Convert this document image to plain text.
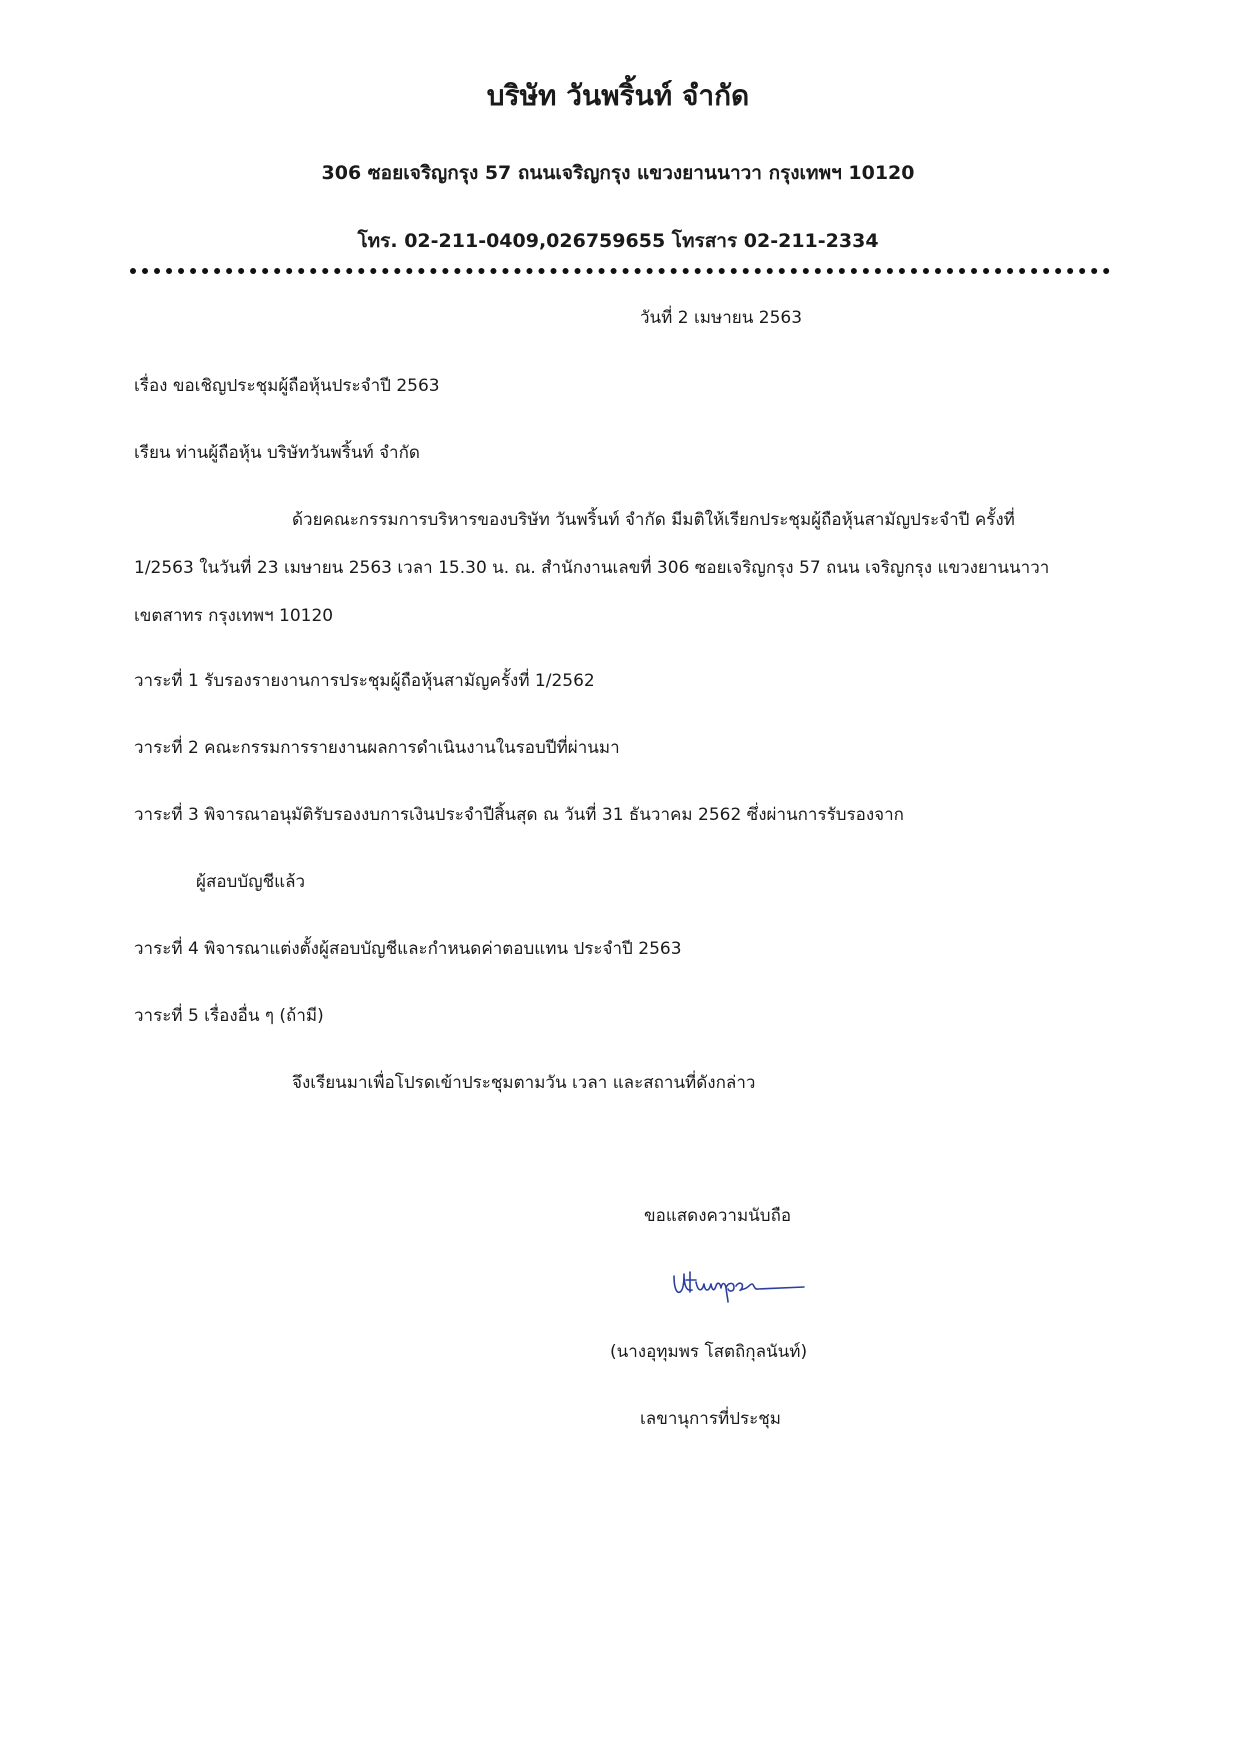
บริษัท วันพริ้นท์ จำกัด
306 ซอยเจริญกรุง 57 ถนนเจริญกรุง แขวงยานนาวา กรุงเทพฯ 10120
โทร. 02-211-0409,026759655 โทรสาร 02-211-2334
วันที่ 2 เมษายน 2563
เรื่อง ขอเชิญประชุมผู้ถือหุ้นประจำปี 2563
เรียน ท่านผู้ถือหุ้น บริษัทวันพริ้นท์ จำกัด
ด้วยคณะกรรมการบริหารของบริษัท วันพริ้นท์ จำกัด มีมติให้เรียกประชุมผู้ถือหุ้นสามัญประจำปี ครั้งที่
1/2563 ในวันที่ 23 เมษายน 2563 เวลา 15.30 น. ณ. สำนักงานเลขที่ 306 ซอยเจริญกรุง 57 ถนน เจริญกรุง แขวงยานนาวา
เขตสาทร กรุงเทพฯ 10120
วาระที่ 1 รับรองรายงานการประชุมผู้ถือหุ้นสามัญครั้งที่ 1/2562
วาระที่ 2 คณะกรรมการรายงานผลการดำเนินงานในรอบปีที่ผ่านมา
วาระที่ 3 พิจารณาอนุมัติรับรองงบการเงินประจำปีสิ้นสุด ณ วันที่ 31 ธันวาคม 2562 ซึ่งผ่านการรับรองจาก
ผู้สอบบัญชีแล้ว
วาระที่ 4 พิจารณาแต่งตั้งผู้สอบบัญชีและกำหนดค่าตอบแทน ประจำปี 2563
วาระที่ 5 เรื่องอื่น ๆ (ถ้ามี)
จึงเรียนมาเพื่อโปรดเข้าประชุมตามวัน เวลา และสถานที่ดังกล่าว
ขอแสดงความนับถือ
(นางอุทุมพร โสตถิกุลนันท์)
เลขานุการที่ประชุม
